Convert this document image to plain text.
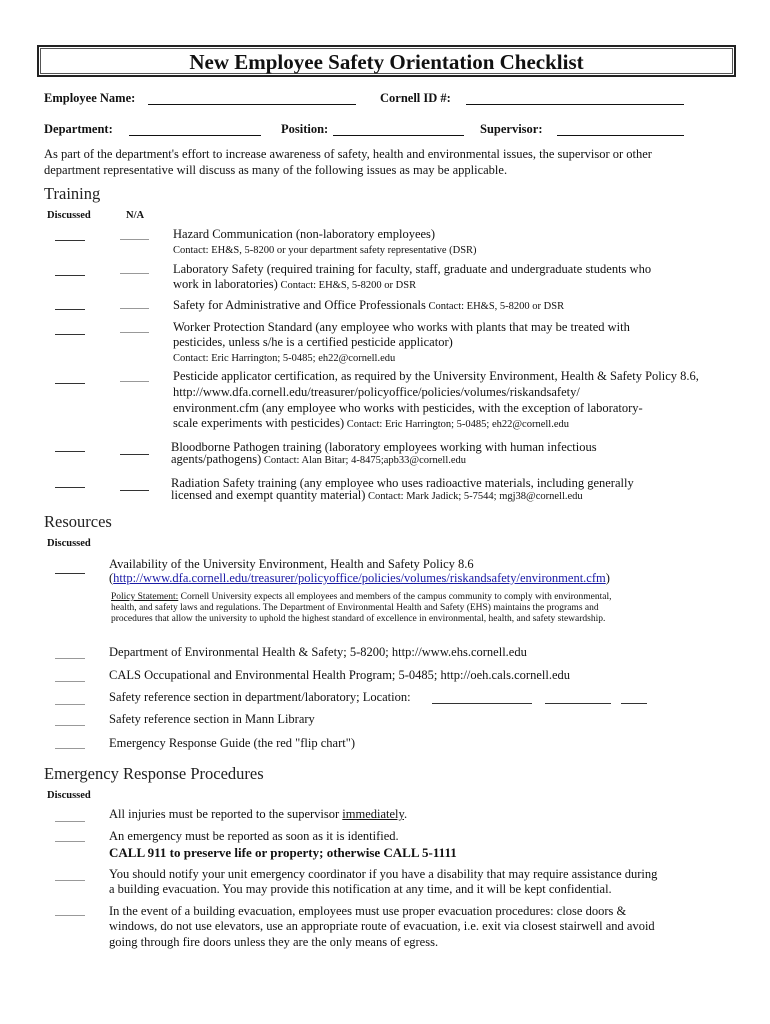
New Employee Safety Orientation Checklist
Employee Name:	Cornell ID #:
Department:	Position:	Supervisor:
As part of the department's effort to increase awareness of safety, health and environmental issues, the supervisor or other
department representative will discuss as many of the following issues as may be applicable.
Training
Discussed	N/A
Hazard Communication (non-laboratory employees)
Contact: EH&S, 5-8200 or your department safety representative (DSR)
Laboratory Safety (required training for faculty, staff, graduate and undergraduate students who
work in laboratories) Contact: EH&S, 5-8200 or DSR
Safety for Administrative and Office Professionals Contact: EH&S, 5-8200 or DSR
Worker Protection Standard (any employee who works with plants that may be treated with
pesticides, unless s/he is a certified pesticide applicator)
Contact: Eric Harrington; 5-0485; eh22@cornell.edu
Pesticide applicator certification, as required by the University Environment, Health & Safety Policy 8.6,
http://www.dfa.cornell.edu/treasurer/policyoffice/policies/volumes/riskandsafety/
environment.cfm (any employee who works with pesticides, with the exception of laboratory-
scale experiments with pesticides) Contact: Eric Harrington; 5-0485; eh22@cornell.edu
Bloodborne Pathogen training (laboratory employees working with human infectious
agents/pathogens) Contact: Alan Bitar; 4-8475;apb33@cornell.edu
Radiation Safety training (any employee who uses radioactive materials, including generally
licensed and exempt quantity material) Contact: Mark Jadick; 5-7544; mgj38@cornell.edu
Resources
Discussed
Availability of the University Environment, Health and Safety Policy 8.6
(http://www.dfa.cornell.edu/treasurer/policyoffice/policies/volumes/riskandsafety/environment.cfm)
Policy Statement: Cornell University expects all employees and members of the campus community to comply with environmental,
health, and safety laws and regulations. The Department of Environmental Health and Safety (EHS) maintains the programs and
procedures that allow the university to uphold the highest standard of excellence in environmental, health, and safety stewardship.
Department of Environmental Health & Safety; 5-8200; http://www.ehs.cornell.edu
CALS Occupational and Environmental Health Program; 5-0485; http://oeh.cals.cornell.edu
Safety reference section in department/laboratory; Location:
Safety reference section in Mann Library
Emergency Response Guide (the red "flip chart")
Emergency Response Procedures
Discussed
All injuries must be reported to the supervisor immediately.
An emergency must be reported as soon as it is identified.
CALL 911 to preserve life or property; otherwise CALL 5-1111
You should notify your unit emergency coordinator if you have a disability that may require assistance during
a building evacuation. You may provide this notification at any time, and it will be kept confidential.
In the event of a building evacuation, employees must use proper evacuation procedures: close doors &
windows, do not use elevators, use an appropriate route of evacuation, i.e. exit via closest stairwell and avoid
going through fire doors unless they are the only means of egress.
